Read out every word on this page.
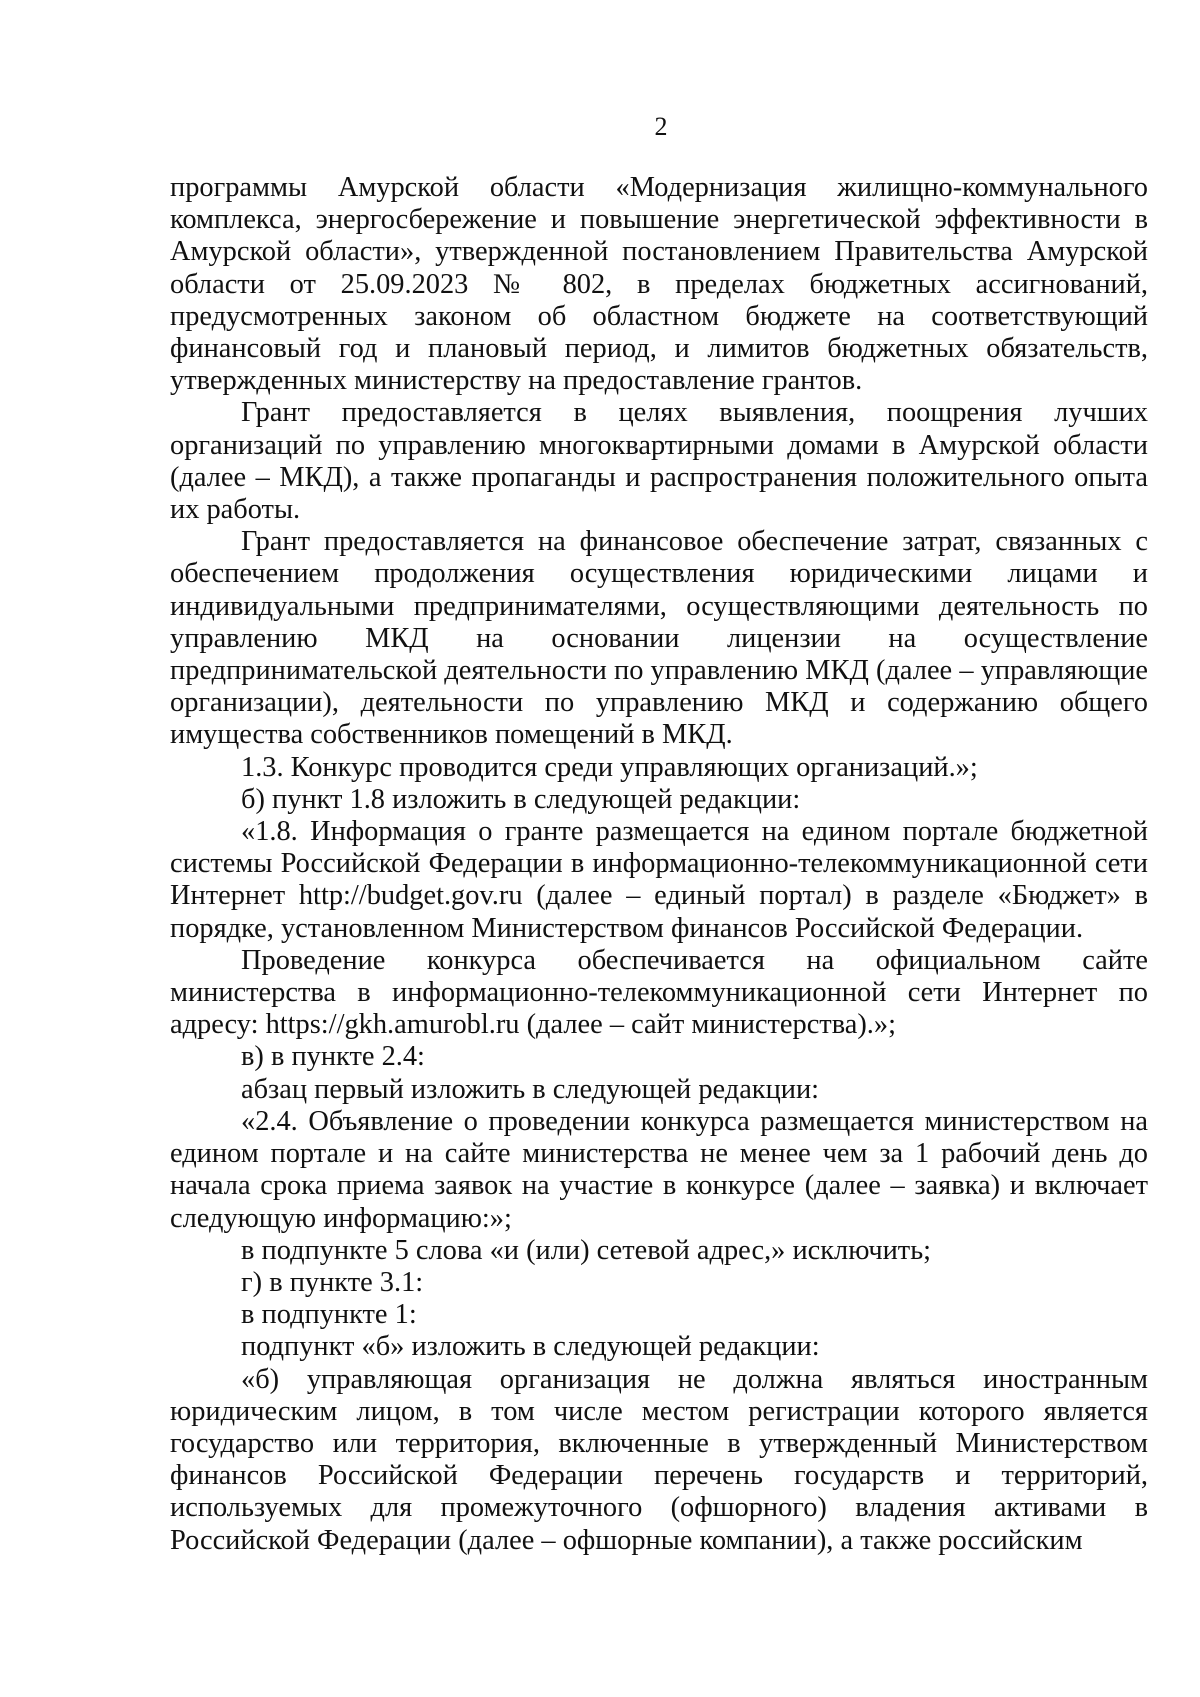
2

программы Амурской области «Модернизация жилищно-коммунального комплекса, энергосбережение и повышение энергетической эффективности в Амурской области», утвержденной постановлением Правительства Амурской области от 25.09.2023 № 802, в пределах бюджетных ассигнований, предусмотренных законом об областном бюджете на соответствующий финансовый год и плановый период, и лимитов бюджетных обязательств, утвержденных министерству на предоставление грантов.

Грант предоставляется в целях выявления, поощрения лучших организаций по управлению многоквартирными домами в Амурской области (далее – МКД), а также пропаганды и распространения положительного опыта их работы.

Грант предоставляется на финансовое обеспечение затрат, связанных с обеспечением продолжения осуществления юридическими лицами и индивидуальными предпринимателями, осуществляющими деятельность по управлению МКД на основании лицензии на осуществление предпринимательской деятельности по управлению МКД (далее – управляющие организации), деятельности по управлению МКД и содержанию общего имущества собственников помещений в МКД.

1.3. Конкурс проводится среди управляющих организаций.»;

б) пункт 1.8 изложить в следующей редакции:

«1.8. Информация о гранте размещается на едином портале бюджетной системы Российской Федерации в информационно-телекоммуникационной сети Интернет http://budget.gov.ru (далее – единый портал) в разделе «Бюджет» в порядке, установленном Министерством финансов Российской Федерации.

Проведение конкурса обеспечивается на официальном сайте министерства в информационно-телекоммуникационной сети Интернет по адресу: https://gkh.amurobl.ru (далее – сайт министерства).»;

в) в пункте 2.4:

абзац первый изложить в следующей редакции:

«2.4. Объявление о проведении конкурса размещается министерством на едином портале и на сайте министерства не менее чем за 1 рабочий день до начала срока приема заявок на участие в конкурсе (далее – заявка) и включает следующую информацию:»;

в подпункте 5 слова «и (или) сетевой адрес,» исключить;

г) в пункте 3.1:

в подпункте 1:

подпункт «б» изложить в следующей редакции:

«б) управляющая организация не должна являться иностранным юридическим лицом, в том числе местом регистрации которого является государство или территория, включенные в утвержденный Министерством финансов Российской Федерации перечень государств и территорий, используемых для промежуточного (офшорного) владения активами в Российской Федерации (далее – офшорные компании), а также российским
